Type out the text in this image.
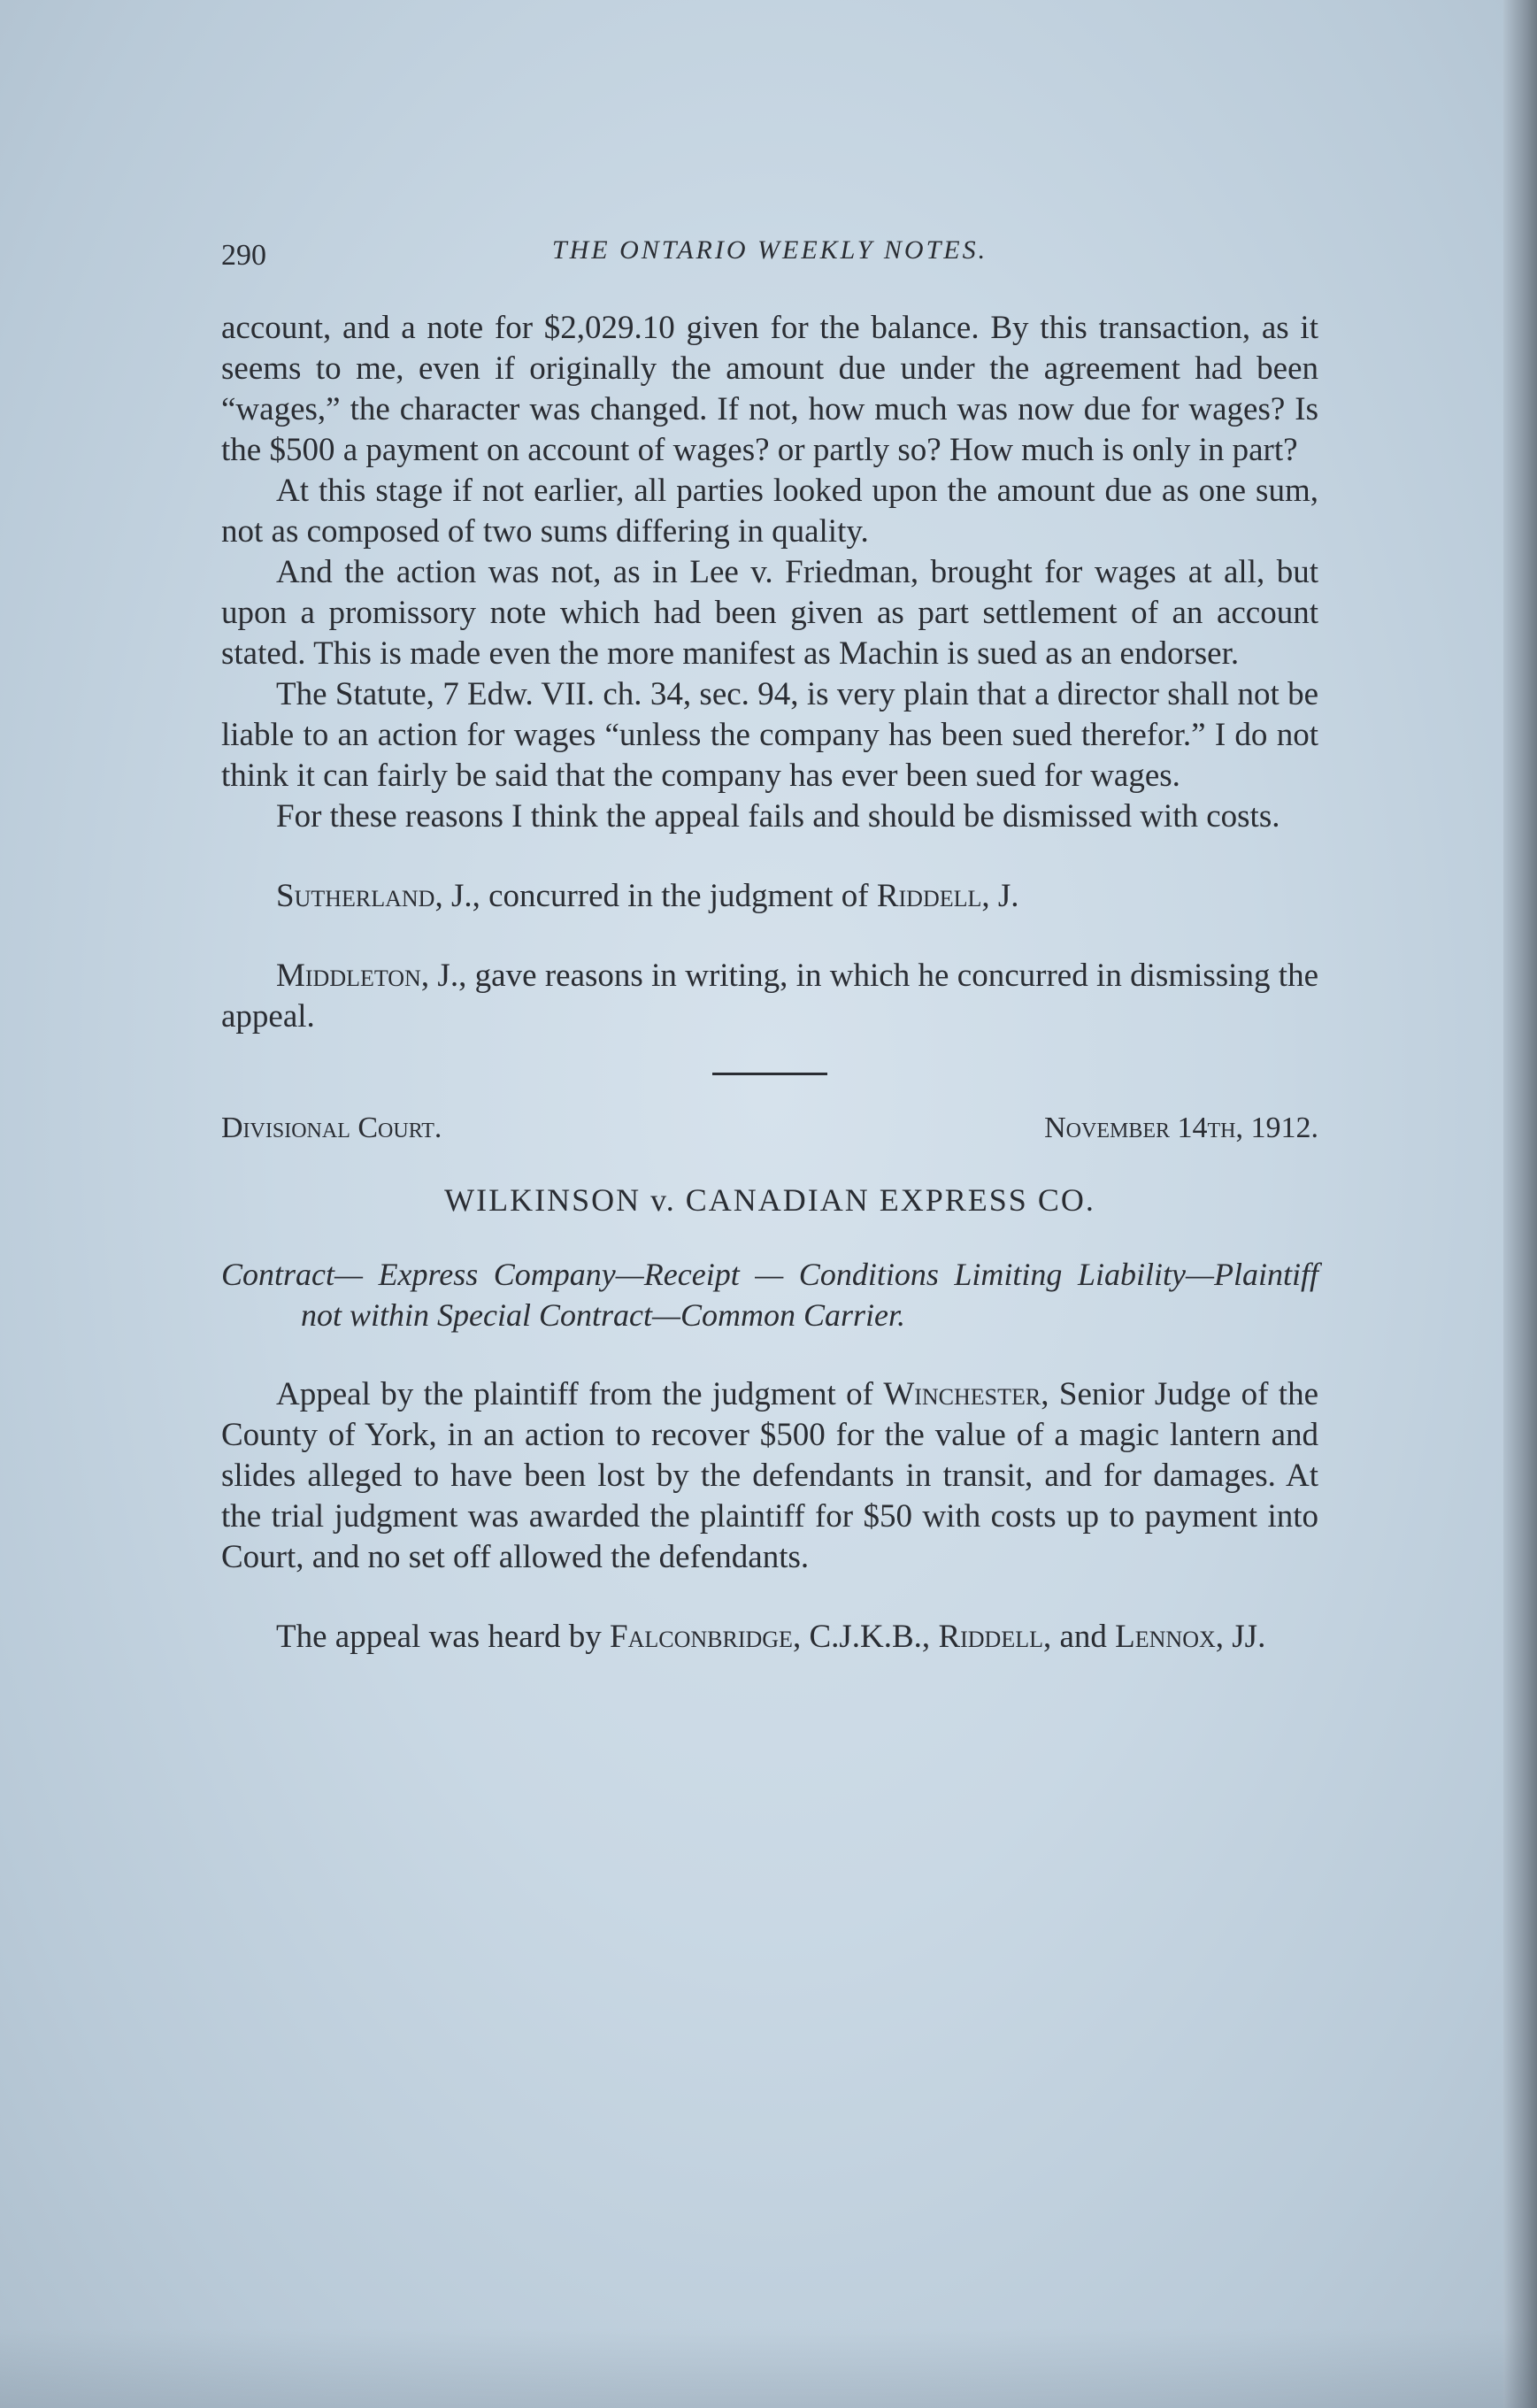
290	THE ONTARIO WEEKLY NOTES.

account, and a note for $2,029.10 given for the balance. By this transaction, as it seems to me, even if originally the amount due under the agreement had been “wages,” the character was changed. If not, how much was now due for wages? Is the $500 a payment on account of wages? or partly so? How much is only in part?

At this stage if not earlier, all parties looked upon the amount due as one sum, not as composed of two sums differing in quality.

And the action was not, as in Lee v. Friedman, brought for wages at all, but upon a promissory note which had been given as part settlement of an account stated. This is made even the more manifest as Machin is sued as an endorser.

The Statute, 7 Edw. VII. ch. 34, sec. 94, is very plain that a director shall not be liable to an action for wages “unless the company has been sued therefor.” I do not think it can fairly be said that the company has ever been sued for wages.

For these reasons I think the appeal fails and should be dismissed with costs.

Sutherland, J., concurred in the judgment of Riddell, J.

Middleton, J., gave reasons in writing, in which he concurred in dismissing the appeal.

Divisional Court.	November 14th, 1912.
WILKINSON v. CANADIAN EXPRESS CO.

Contract— Express Company—Receipt — Conditions Limiting Liability—Plaintiff not within Special Contract—Common Carrier.

Appeal by the plaintiff from the judgment of Winchester, Senior Judge of the County of York, in an action to recover $500 for the value of a magic lantern and slides alleged to have been lost by the defendants in transit, and for damages. At the trial judgment was awarded the plaintiff for $50 with costs up to payment into Court, and no set off allowed the defendants.

The appeal was heard by Falconbridge, C.J.K.B., Riddell, and Lennox, JJ.
